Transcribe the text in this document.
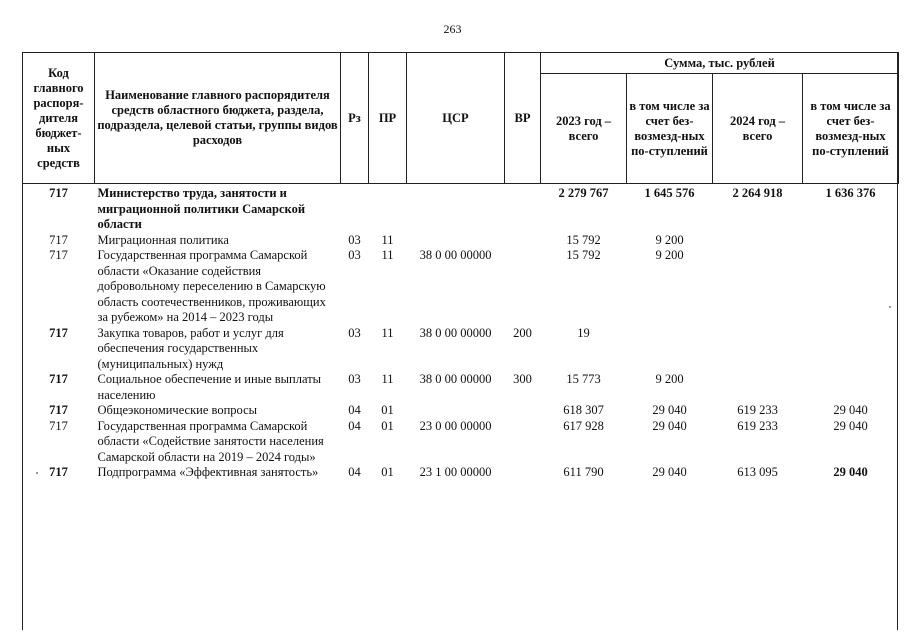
263
Код главного распоря-дителя бюджет-ных средств	Наименование главного распорядителя средств областного бюджета, раздела, подраздела, целевой статьи, группы видов расходов	Рз	ПР	ЦСР	ВР	Сумма, тыс. рублей			
						2023 год – всего	в том числе за счет без-возмезд-ных по-ступлений	2024 год – всего	в том числе за счет без-возмезд-ных по-ступлений
717	Министерство труда, занятости и миграционной политики Самарской области					2 279 767	1 645 576	2 264 918	1 636 376
717	Миграционная политика	03	11			15 792	9 200		
717	Государственная программа Самарской области «Оказание содействия добровольному переселению в Самарскую область соотечественников, проживающих за рубежом» на 2014 – 2023 годы	03	11	38 0 00 00000		15 792	9 200		
717	Закупка товаров, работ и услуг для обеспечения государственных (муниципальных) нужд	03	11	38 0 00 00000	200	19			
717	Социальное обеспечение и иные выплаты населению	03	11	38 0 00 00000	300	15 773	9 200		
717	Общеэкономические вопросы	04	01			618 307	29 040	619 233	29 040
717	Государственная программа Самарской области «Содействие занятости населения Самарской области на 2019 – 2024 годы»	04	01	23 0 00 00000		617 928	29 040	619 233	29 040
717	Подпрограмма «Эффективная занятость»	04	01	23 1 00 00000		611 790	29 040	613 095	29 040
